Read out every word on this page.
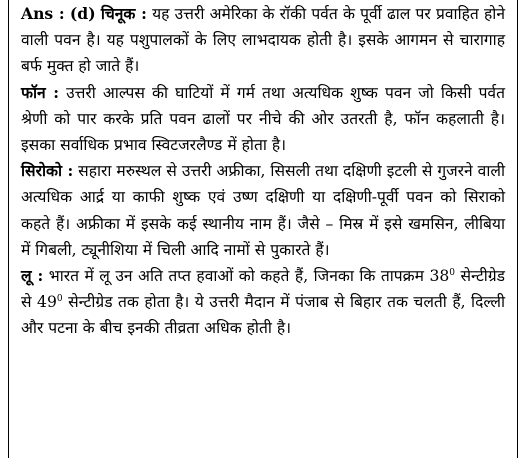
Ans : (d) चिनूक : यह उत्तरी अमेरिका के रॉकी पर्वत के पूर्वी ढाल पर प्रवाहित होने वाली पवन है। यह पशुपालकों के लिए लाभदायक होती है। इसके आगमन से चारागाह बर्फ मुक्त हो जाते हैं।

फॉन : उत्तरी आल्पस की घाटियों में गर्म तथा अत्यधिक शुष्क पवन जो किसी पर्वत श्रेणी को पार करके प्रति पवन ढालों पर नीचे की ओर उतरती है, फॉन कहलाती है। इसका सर्वाधिक प्रभाव स्विटजरलैण्ड में होता है।

सिरोको : सहारा मरुस्थल से उत्तरी अफ्रीका, सिसली तथा दक्षिणी इटली से गुजरने वाली अत्यधिक आर्द्र या काफी शुष्क एवं उष्ण दक्षिणी या दक्षिणी-पूर्वी पवन को सिराको कहते हैं। अफ्रीका में इसके कई स्थानीय नाम हैं। जैसे – मिस्र में इसे खमसिन, लीबिया में गिबली, ट्यूनीशिया में चिली आदि नामों से पुकारते हैं।

लू : भारत में लू उन अति तप्त हवाओं को कहते हैं, जिनका कि तापक्रम $38^0$ सेन्टीग्रेड से $49^0$ सेन्टीग्रेड तक होता है। ये उत्तरी मैदान में पंजाब से बिहार तक चलती हैं, दिल्ली और पटना के बीच इनकी तीव्रता अधिक होती है।
